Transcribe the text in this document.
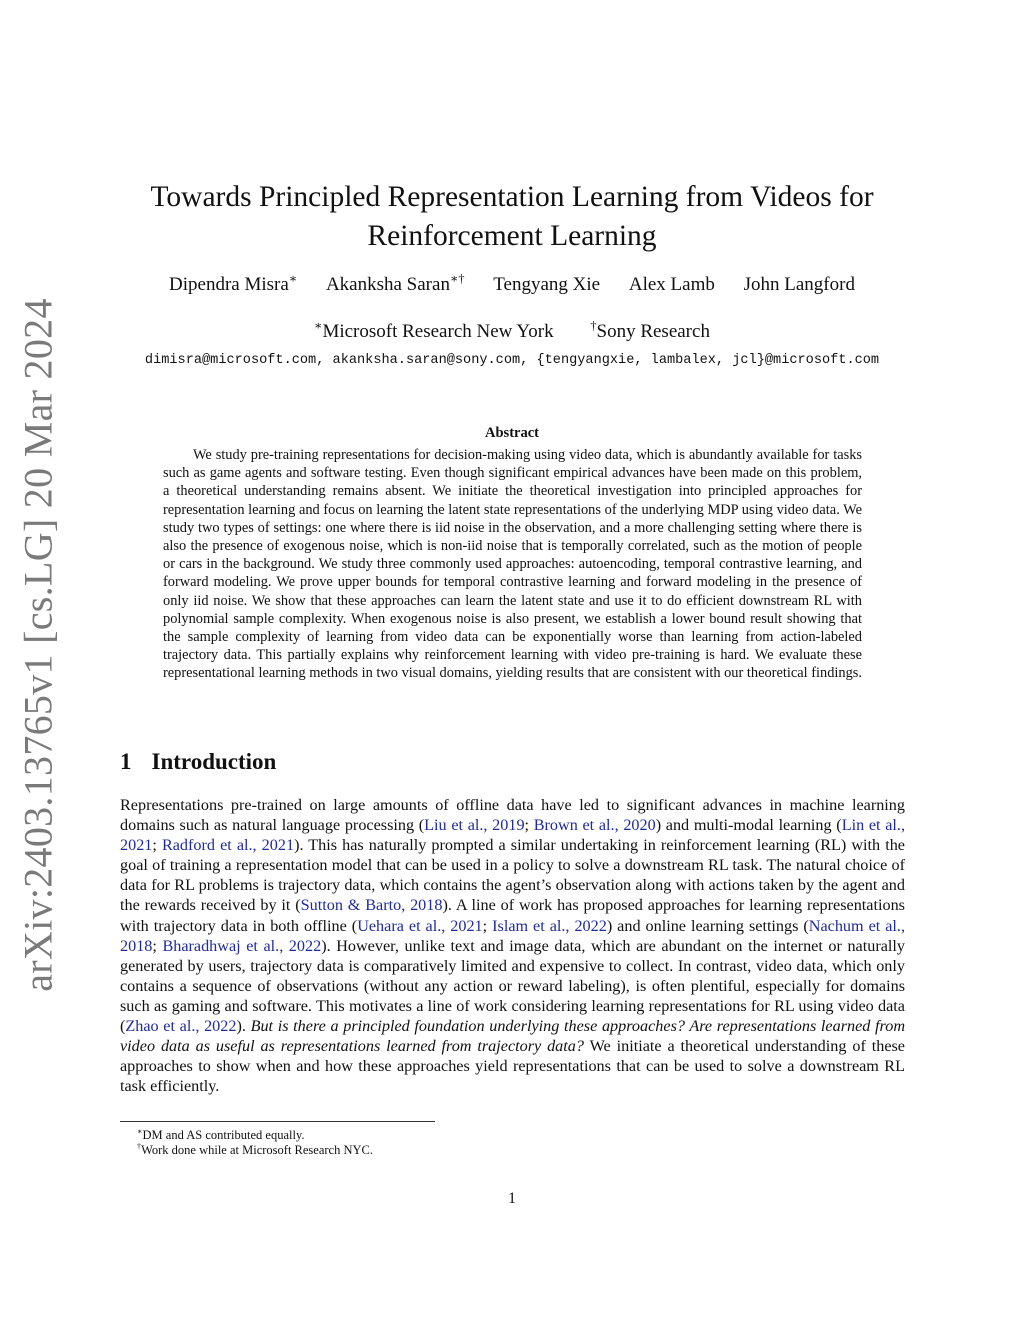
arXiv:2403.13765v1 [cs.LG] 20 Mar 2024
Towards Principled Representation Learning from Videos for
Reinforcement Learning
Dipendra Misra∗ Akanksha Saran∗† Tengyang Xie Alex Lamb John Langford
∗Microsoft Research New York	†Sony Research
dimisra@microsoft.com, akanksha.saran@sony.com, {tengyangxie, lambalex, jcl}@microsoft.com
Abstract

We study pre-training representations for decision-making using video data, which is abundantly available for tasks such as game agents and software testing. Even though significant empirical advances have been made on this problem, a theoretical understanding remains absent. We initiate the theoretical investigation into principled approaches for representation learning and focus on learning the latent state representations of the underlying MDP using video data. We study two types of settings: one where there is iid noise in the observation, and a more challenging setting where there is also the presence of exogenous noise, which is non-iid noise that is temporally correlated, such as the motion of people or cars in the background. We study three commonly used approaches: autoencoding, temporal contrastive learning, and forward modeling. We prove upper bounds for temporal contrastive learning and forward modeling in the presence of only iid noise. We show that these approaches can learn the latent state and use it to do efficient downstream RL with polynomial sample complexity. When exogenous noise is also present, we establish a lower bound result showing that the sample complexity of learning from video data can be exponentially worse than learning from action-labeled trajectory data. This partially explains why reinforcement learning with video pre-training is hard. We evaluate these representational learning methods in two visual domains, yielding results that are consistent with our theoretical findings.

1 Introduction

Representations pre-trained on large amounts of offline data have led to significant advances in machine learning domains such as natural language processing (Liu et al., 2019; Brown et al., 2020) and multi-modal learning (Lin et al., 2021; Radford et al., 2021). This has naturally prompted a similar undertaking in reinforcement learning (RL) with the goal of training a representation model that can be used in a policy to solve a downstream RL task. The natural choice of data for RL problems is trajectory data, which contains the agent’s observation along with actions taken by the agent and the rewards received by it (Sutton & Barto, 2018). A line of work has proposed approaches for learning representations with trajectory data in both offline (Uehara et al., 2021; Islam et al., 2022) and online learning settings (Nachum et al., 2018; Bharadhwaj et al., 2022). However, unlike text and image data, which are abundant on the internet or naturally generated by users, trajectory data is comparatively limited and expensive to collect. In contrast, video data, which only contains a sequence of observations (without any action or reward labeling), is often plentiful, especially for domains such as gaming and software. This motivates a line of work considering learning representations for RL using video data (Zhao et al., 2022). But is there a principled foundation underlying these approaches? Are representations learned from video data as useful as representations learned from trajectory data? We initiate a theoretical understanding of these approaches to show when and how these approaches yield representations that can be used to solve a downstream RL task efficiently.

∗DM and AS contributed equally.
†Work done while at Microsoft Research NYC.
1
